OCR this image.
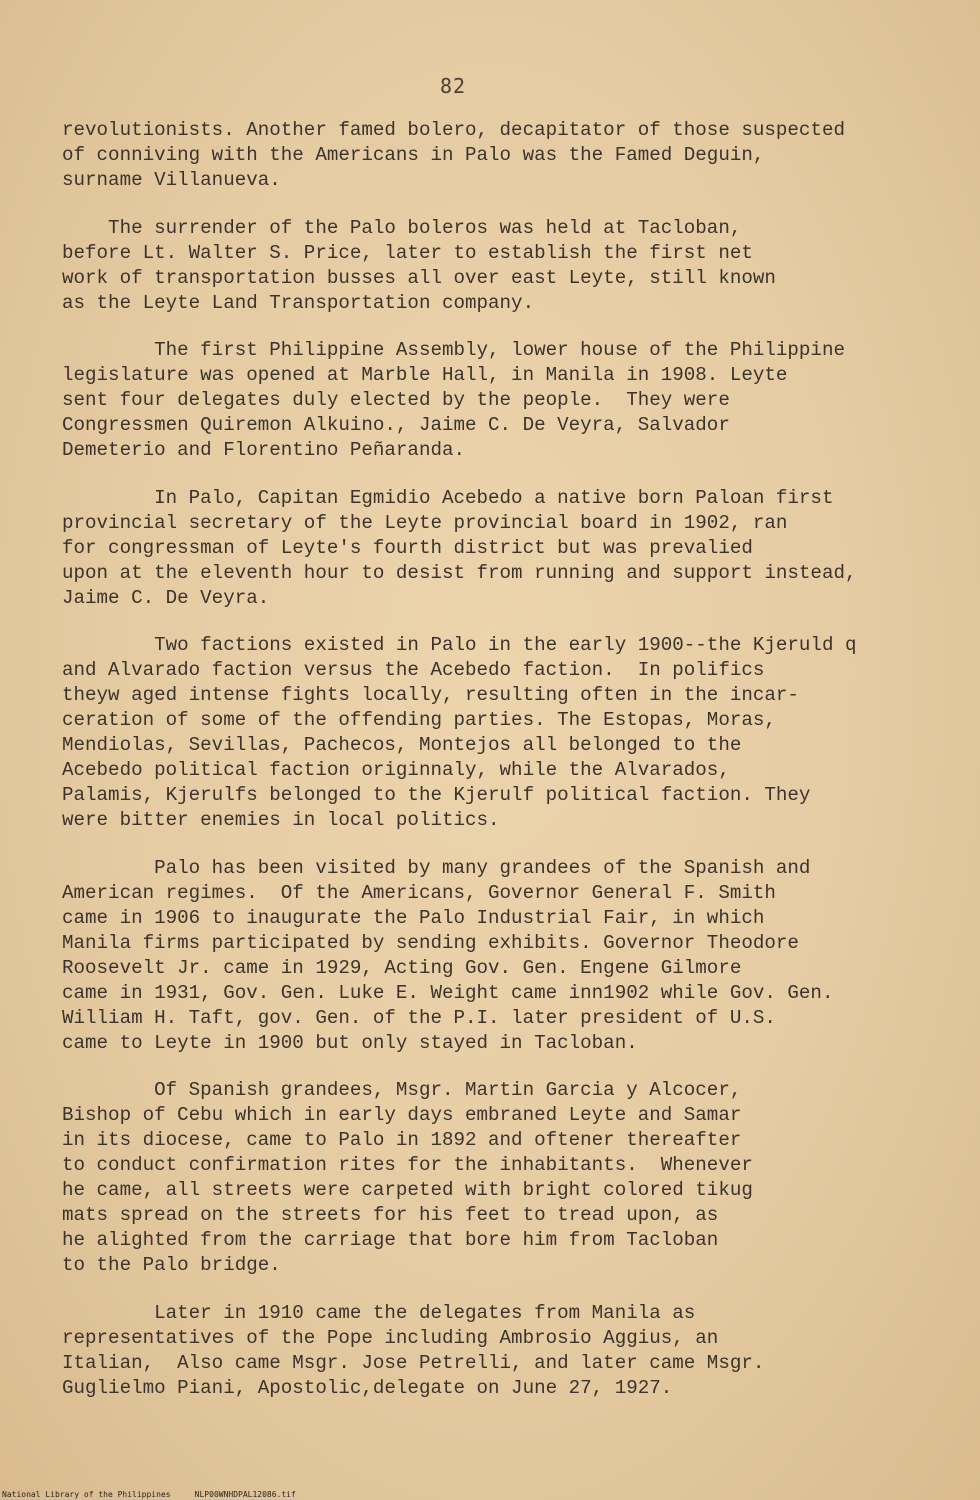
82
revolutionists. Another famed bolero, decapitator of those suspected
of conniving with the Americans in Palo was the Famed Deguin,
surname Villanueva.
The surrender of the Palo boleros was held at Tacloban,
before Lt. Walter S. Price, later to establish the first net
work of transportation busses all over east Leyte, still known
as the Leyte Land Transportation company.
The first Philippine Assembly, lower house of the Philippine
legislature was opened at Marble Hall, in Manila in 1908. Leyte
sent four delegates duly elected by the people.  They were
Congressmen Quiremon Alkuino., Jaime C. De Veyra, Salvador
Demeterio and Florentino Peñaranda.
In Palo, Capitan Egmidio Acebedo a native born Paloan first
provincial secretary of the Leyte provincial board in 1902, ran
for congressman of Leyte's fourth district but was prevalied
upon at the eleventh hour to desist from running and support instead,
Jaime C. De Veyra.
Two factions existed in Palo in the early 1900--the Kjeruld q
and Alvarado faction versus the Acebedo faction.  In polifics
theyw aged intense fights locally, resulting often in the incar-
ceration of some of the offending parties. The Estopas, Moras,
Mendiolas, Sevillas, Pachecos, Montejos all belonged to the
Acebedo political faction originnaly, while the Alvarados,
Palamis, Kjerulfs belonged to the Kjerulf political faction. They
were bitter enemies in local politics.
Palo has been visited by many grandees of the Spanish and
American regimes.  Of the Americans, Governor General F. Smith
came in 1906 to inaugurate the Palo Industrial Fair, in which
Manila firms participated by sending exhibits. Governor Theodore
Roosevelt Jr. came in 1929, Acting Gov. Gen. Engene Gilmore
came in 1931, Gov. Gen. Luke E. Weight came inn1902 while Gov. Gen.
William H. Taft, gov. Gen. of the P.I. later president of U.S.
came to Leyte in 1900 but only stayed in Tacloban.
Of Spanish grandees, Msgr. Martin Garcia y Alcocer,
Bishop of Cebu which in early days embraned Leyte and Samar
in its diocese, came to Palo in 1892 and oftener thereafter
to conduct confirmation rites for the inhabitants.  Whenever
he came, all streets were carpeted with bright colored tikug
mats spread on the streets for his feet to tread upon, as
he alighted from the carriage that bore him from Tacloban
to the Palo bridge.
Later in 1910 came the delegates from Manila as
representatives of the Pope including Ambrosio Aggius, an
Italian,  Also came Msgr. Jose Petrelli, and later came Msgr.
Guglielmo Piani, Apostolic,delegate on June 27, 1927.
National Library of the Philippines	NLP00WNHDPAL12086.tif
